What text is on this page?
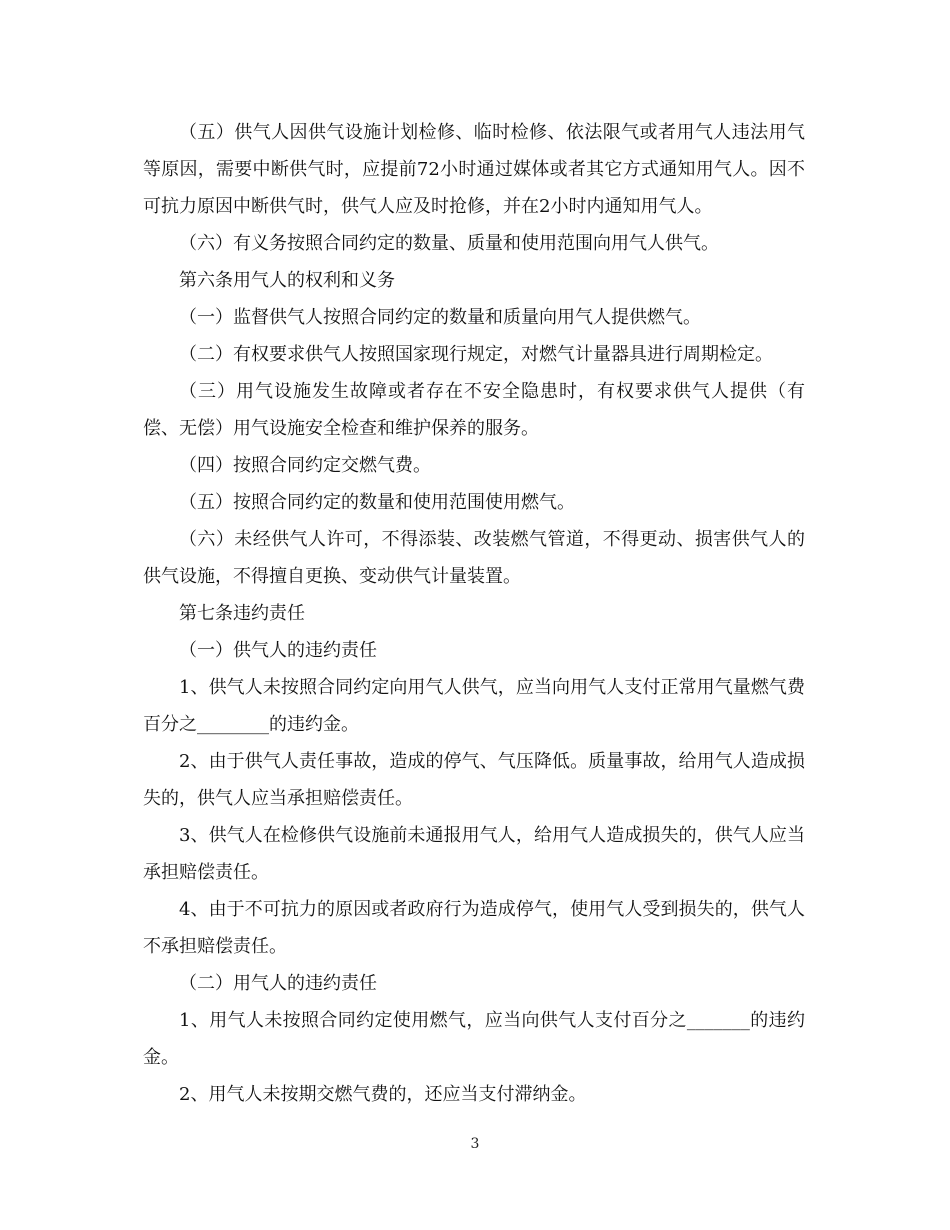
（五）供气人因供气设施计划检修、临时检修、依法限气或者用气人违法用气等原因，需要中断供气时，应提前72小时通过媒体或者其它方式通知用气人。因不可抗力原因中断供气时，供气人应及时抢修，并在2小时内通知用气人。

（六）有义务按照合同约定的数量、质量和使用范围向用气人供气。

第六条用气人的权利和义务

（一）监督供气人按照合同约定的数量和质量向用气人提供燃气。

（二）有权要求供气人按照国家现行规定，对燃气计量器具进行周期检定。

（三）用气设施发生故障或者存在不安全隐患时，有权要求供气人提供（有偿、无偿）用气设施安全检查和维护保养的服务。

（四）按照合同约定交燃气费。

（五）按照合同约定的数量和使用范围使用燃气。

（六）未经供气人许可，不得添装、改装燃气管道，不得更动、损害供气人的供气设施，不得擅自更换、变动供气计量装置。

第七条违约责任

（一）供气人的违约责任

1、供气人未按照合同约定向用气人供气，应当向用气人支付正常用气量燃气费百分之________的违约金。

2、由于供气人责任事故，造成的停气、气压降低。质量事故，给用气人造成损失的，供气人应当承担赔偿责任。

3、供气人在检修供气设施前未通报用气人，给用气人造成损失的，供气人应当承担赔偿责任。

4、由于不可抗力的原因或者政府行为造成停气，使用气人受到损失的，供气人不承担赔偿责任。

（二）用气人的违约责任

1、用气人未按照合同约定使用燃气，应当向供气人支付百分之_______的违约金。

2、用气人未按期交燃气费的，还应当支付滞纳金。

3
